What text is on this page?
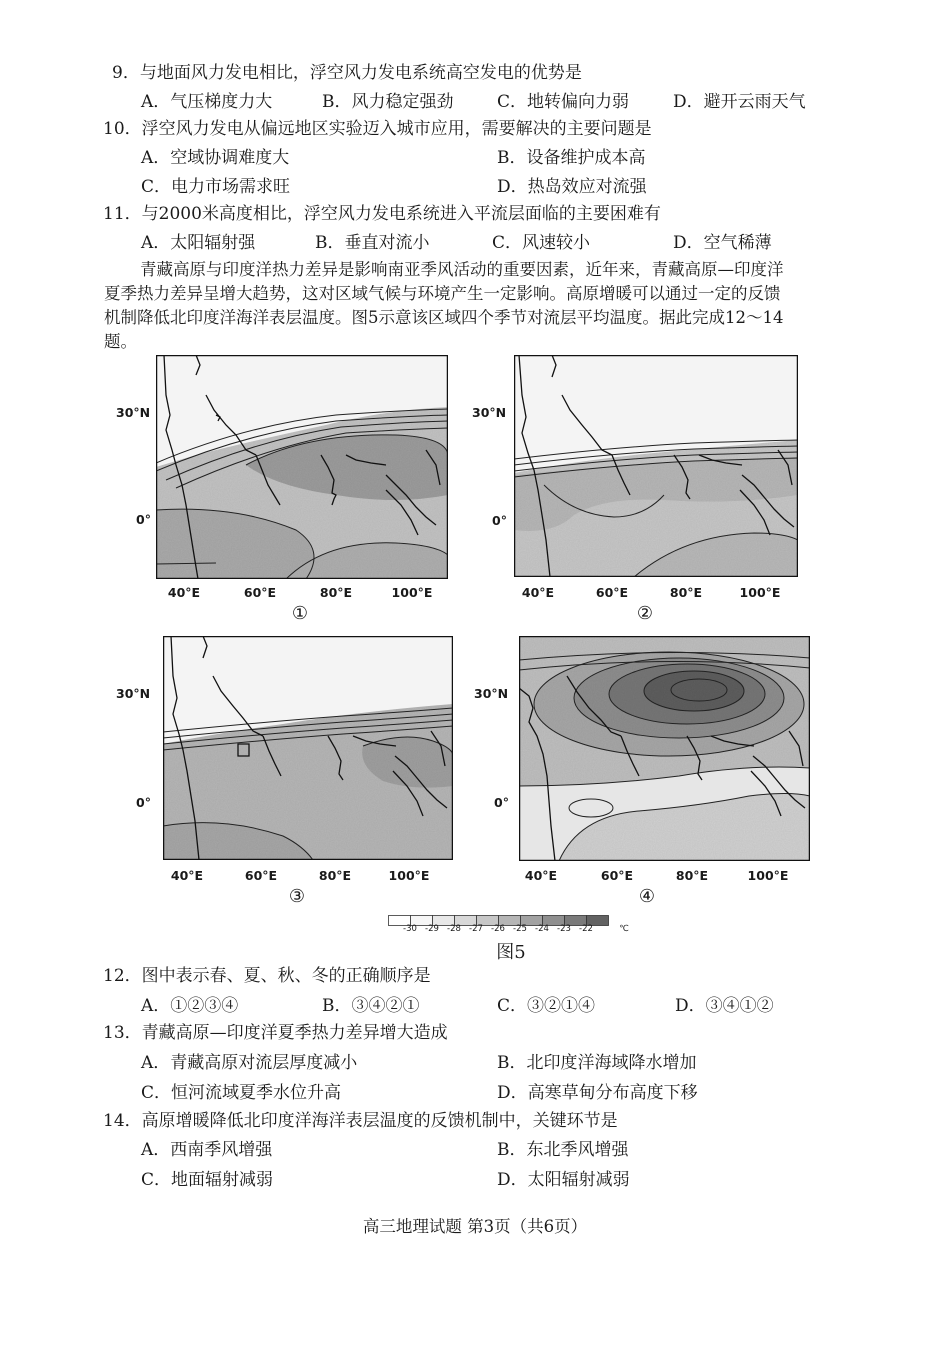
9．与地面风力发电相比，浮空风力发电系统高空发电的优势是
A．气压梯度力大	B．风力稳定强劲	C．地转偏向力弱	D．避开云雨天气
10．浮空风力发电从偏远地区实验迈入城市应用，需要解决的主要问题是
A．空域协调难度大	B．设备维护成本高
C．电力市场需求旺	D．热岛效应对流强
11．与2000米高度相比，浮空风力发电系统进入平流层面临的主要困难有
A．太阳辐射强	B．垂直对流小	C．风速较小	D．空气稀薄
青藏高原与印度洋热力差异是影响南亚季风活动的重要因素，近年来，青藏高原—印度洋
夏季热力差异呈增大趋势，这对区域气候与环境产生一定影响。高原增暖可以通过一定的反馈
机制降低北印度洋海洋表层温度。图5示意该区域四个季节对流层平均温度。据此完成12～14
题。
30°N
0°
40°E	60°E	80°E	100°E
①
30°N
0°
40°E	60°E	80°E	100°E
②
30°N
0°
40°E	60°E	80°E	100°E
③
30°N
0°
40°E	60°E	80°E	100°E
④
-30 -29 -28 -27 -26 -25 -24 -23 -22	℃
图5
12．图中表示春、夏、秋、冬的正确顺序是
A．①②③④	B．③④②①	C．③②①④	D．③④①②
13．青藏高原—印度洋夏季热力差异增大造成
A．青藏高原对流层厚度减小	B．北印度洋海域降水增加
C．恒河流域夏季水位升高	D．高寒草甸分布高度下移
14．高原增暖降低北印度洋海洋表层温度的反馈机制中，关键环节是
A．西南季风增强	B．东北季风增强
C．地面辐射减弱	D．太阳辐射减弱
高三地理试题 第3页（共6页）
